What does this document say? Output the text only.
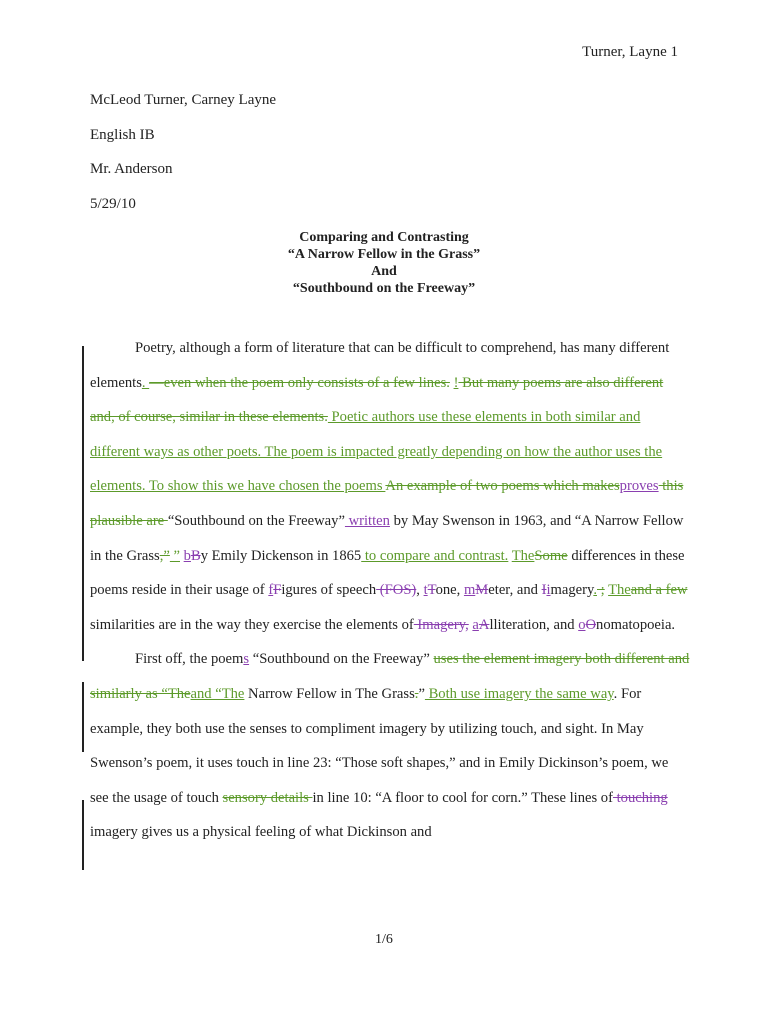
Turner, Layne 1
McLeod Turner, Carney Layne
English IB
Mr. Anderson
5/29/10
Comparing and Contrasting
“A Narrow Fellow in the Grass”
And
“Southbound on the Freeway”

Poetry, although a form of literature that can be difficult to comprehend, has many different elements. —even when the poem only consists of a few lines. ! But many poems are also different and, of course, similar in these elements. Poetic authors use these elements in both similar and different ways as other poets. The poem is impacted greatly depending on how the author uses the elements. To show this we have chosen the poems An example of two poems which makesproves this plausible are “Southbound on the Freeway” written by May Swenson in 1963, and “A Narrow Fellow in the Grass,” ” bBy Emily Dickenson in 1865 to compare and contrast. TheSome differences in these poems reside in their usage of fFigures of speech (FOS), tTone, mMeter, and Iimagery. ; Theand a few similarities are in the way they exercise the elements of Imagery, aAlliteration, and oOnomatopoeia.

First off, the poems “Southbound on the Freeway” uses the element imagery both different and similarly as “Theand “The Narrow Fellow in The Grass.” Both use imagery the same way. For example, they both use the senses to compliment imagery by utilizing touch, and sight. In May Swenson’s poem, it uses touch in line 23: “Those soft shapes,” and in Emily Dickinson’s poem, we see the usage of touch sensory details in line 10: “A floor to cool for corn.” These lines of touching imagery gives us a physical feeling of what Dickinson and

1/6
